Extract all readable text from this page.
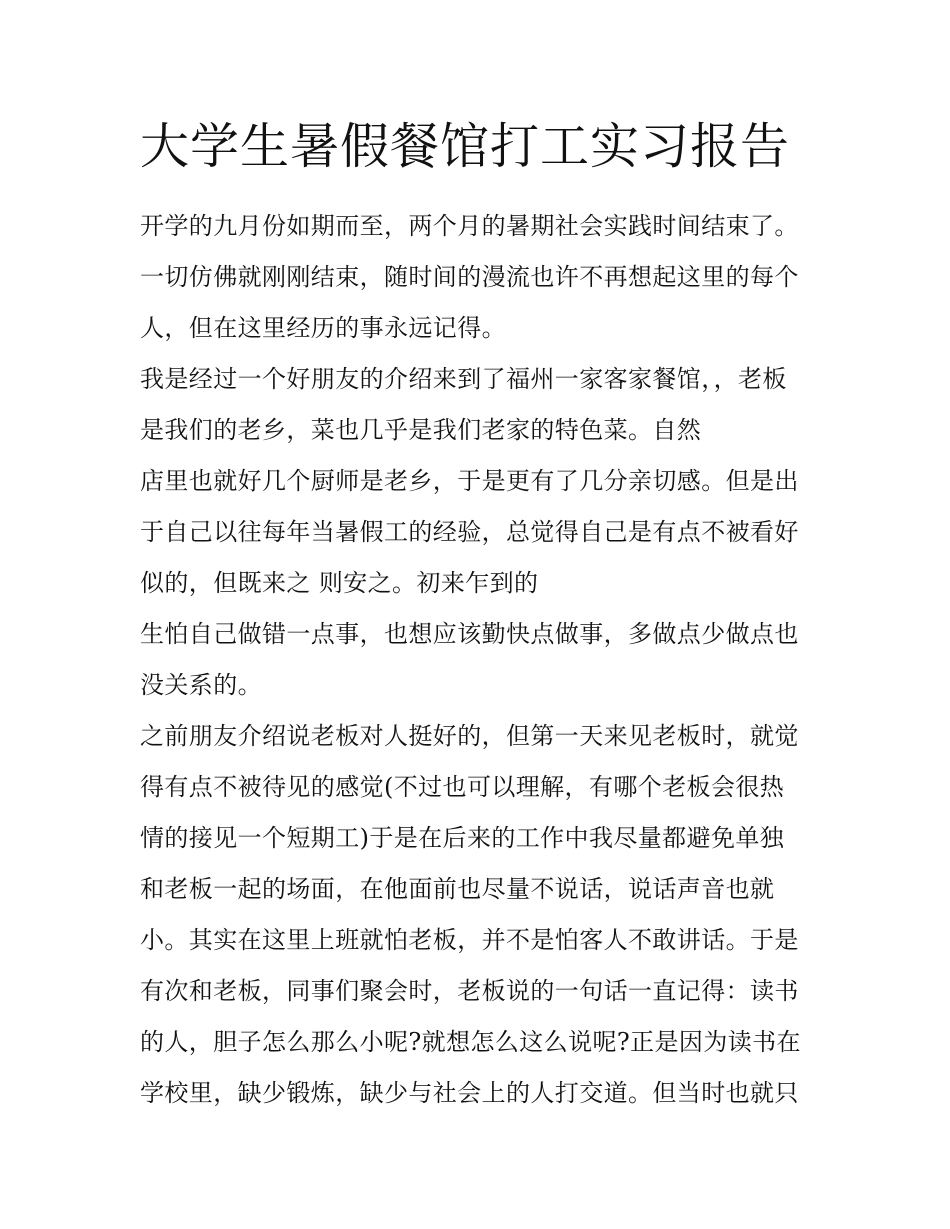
大学生暑假餐馆打工实习报告
开学的九月份如期而至，两个月的暑期社会实践时间结束了。
一切仿佛就刚刚结束，随时间的漫流也许不再想起这里的每个
人，但在这里经历的事永远记得。
我是经过一个好朋友的介绍来到了福州一家客家餐馆，，老板
是我们的老乡，菜也几乎是我们老家的特色菜。自然
店里也就好几个厨师是老乡，于是更有了几分亲切感。但是出
于自己以往每年当暑假工的经验，总觉得自己是有点不被看好
似的，但既来之 则安之。初来乍到的
生怕自己做错一点事，也想应该勤快点做事，多做点少做点也
没关系的。
之前朋友介绍说老板对人挺好的，但第一天来见老板时，就觉
得有点不被待见的感觉(不过也可以理解，有哪个老板会很热
情的接见一个短期工)于是在后来的工作中我尽量都避免单独
和老板一起的场面，在他面前也尽量不说话，说话声音也就
小。其实在这里上班就怕老板，并不是怕客人不敢讲话。于是
有次和老板，同事们聚会时，老板说的一句话一直记得：读书
的人，胆子怎么那么小呢?就想怎么这么说呢?正是因为读书在
学校里，缺少锻炼，缺少与社会上的人打交道。但当时也就只
